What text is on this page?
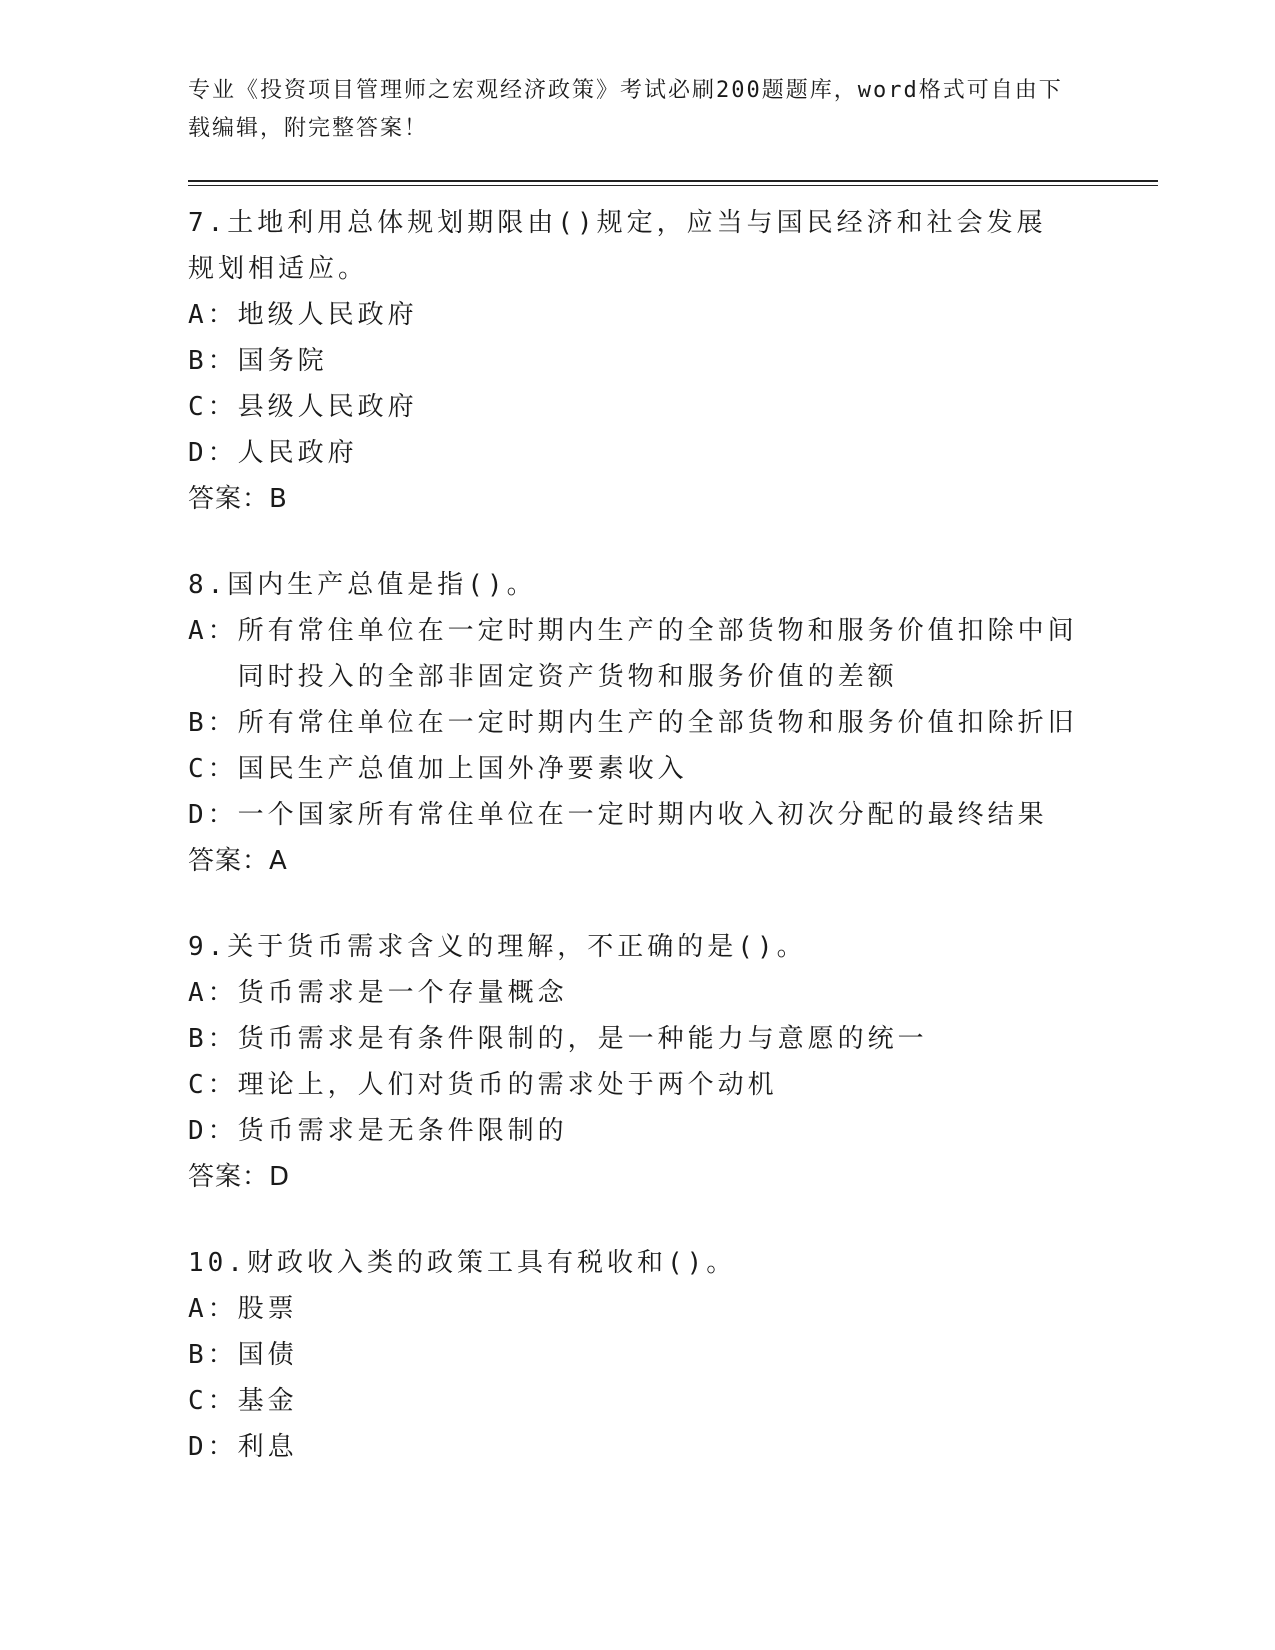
专业《投资项目管理师之宏观经济政策》考试必刷200题题库，word格式可自由下载编辑，附完整答案！

7.土地利用总体规划期限由()规定，应当与国民经济和社会发展规划相适应。

A： 地级人民政府
B： 国务院
C： 县级人民政府
D： 人民政府

答案：B

8.国内生产总值是指()。

A： 所有常住单位在一定时期内生产的全部货物和服务价值扣除中间同时投入的全部非固定资产货物和服务价值的差额
B： 所有常住单位在一定时期内生产的全部货物和服务价值扣除折旧
C： 国民生产总值加上国外净要素收入
D： 一个国家所有常住单位在一定时期内收入初次分配的最终结果

答案：A

9.关于货币需求含义的理解，不正确的是()。

A： 货币需求是一个存量概念
B： 货币需求是有条件限制的，是一种能力与意愿的统一
C： 理论上，人们对货币的需求处于两个动机
D： 货币需求是无条件限制的

答案：D

10.财政收入类的政策工具有税收和()。

A： 股票
B： 国债
C： 基金
D： 利息
